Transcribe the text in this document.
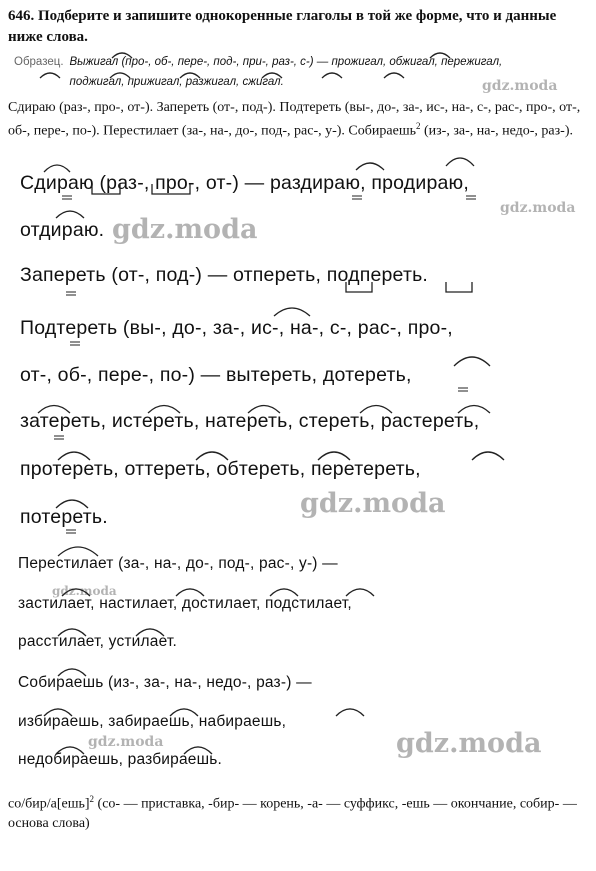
646. Подберите и запишите однокоренные глаголы в той же форме, что и данные ниже слова.
Образец. Выжигал (про-, об-, пере-, под-, при-, раз-, с-) — прожигал, обжигал, пережигал, поджигал, прижигал, разжигал, сжигал.
Сдираю (раз-, про-, от-). Запереть (от-, под-). Подтереть (вы-, до-, за-, ис-, на-, с-, рас-, про-, от-, об-, пере-, по-). Перестилает (за-, на-, до-, под-, рас-, у-). Собираешь$^2$ (из-, за-, на-, недо-, раз-).
Сдираю (раз-, про-, от-) — раздираю, продираю,
отдираю.
Запереть (от-, под-) — отпереть, подпереть.
Подтереть (вы-, до-, за-, ис-, на-, с-, рас-, про-,
от-, об-, пере-, по-) — вытереть, дотереть,
затереть, истереть, натереть, стереть, растереть,
протереть, оттереть, обтереть, перетереть,
потереть.
Перестилает (за-, на-, до-, под-, рас-, у-) —
застилает, настилает, достилает, подстилает,
расстилает, устилает.
Собираешь (из-, за-, на-, недо-, раз-) —
избираешь, забираешь, набираешь,
недобираешь, разбираешь.
gdz.moda
gdz.moda
gdz.moda
gdz.moda
gdz.moda
gdz.moda	gdz.moda
со/бир/а[ешь]$^2$ (со- — приставка, -бир- — корень, -а- — суффикс, -ешь — окончание, собир- — основа слова)
